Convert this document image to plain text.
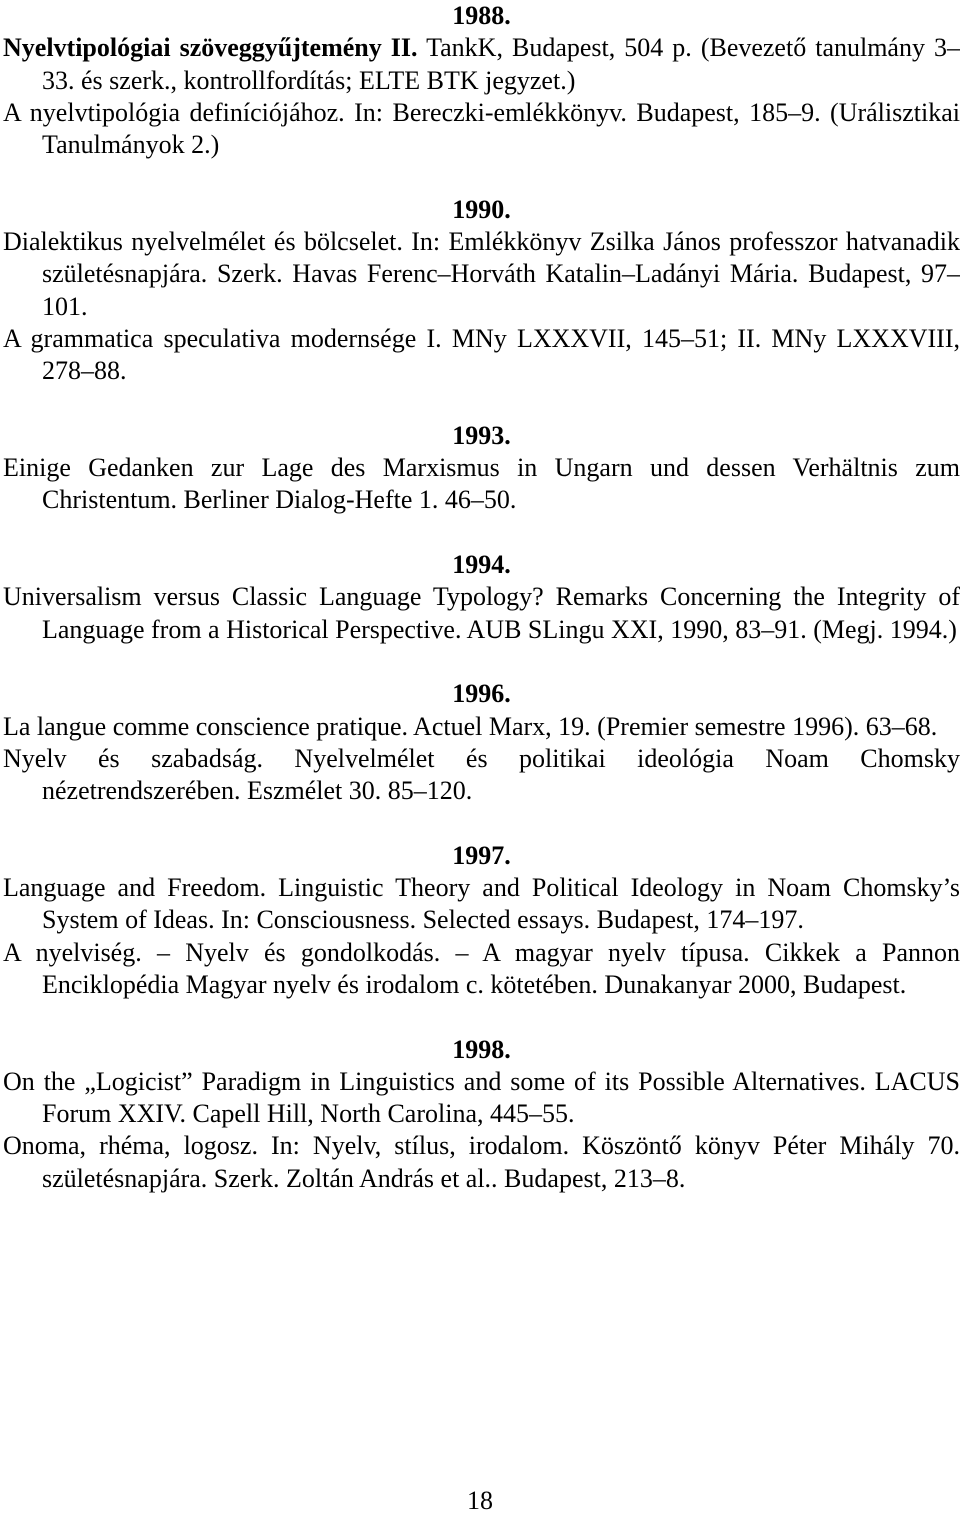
1988.

Nyelvtipológiai szöveggyűjtemény II. TankK, Budapest, 504 p. (Bevezető tanulmány 3–33. és szerk., kontrollfordítás; ELTE BTK jegyzet.)

A nyelvtipológia definíciójához. In: Bereczki-emlékkönyv. Budapest, 185–9. (Urálisztikai Tanulmányok 2.)

1990.

Dialektikus nyelvelmélet és bölcselet. In: Emlékkönyv Zsilka János professzor hatvanadik születésnapjára. Szerk. Havas Ferenc–Horváth Katalin–Ladányi Mária. Budapest, 97–101.

A grammatica speculativa modernsége I. MNy LXXXVII, 145–51; II. MNy LXXXVIII, 278–88.

1993.

Einige Gedanken zur Lage des Marxismus in Ungarn und dessen Verhältnis zum Christentum. Berliner Dialog-Hefte 1. 46–50.

1994.

Universalism versus Classic Language Typology? Remarks Concerning the Integrity of Language from a Historical Perspective. AUB SLingu XXI, 1990, 83–91. (Megj. 1994.)

1996.

La langue comme conscience pratique. Actuel Marx, 19. (Premier semestre 1996). 63–68.

Nyelv és szabadság. Nyelvelmélet és politikai ideológia Noam Chomsky nézetrendszerében. Eszmélet 30. 85–120.

1997.

Language and Freedom. Linguistic Theory and Political Ideology in Noam Chomsky’s System of Ideas. In: Consciousness. Selected essays. Budapest, 174–197.

A nyelviség. – Nyelv és gondolkodás. – A magyar nyelv típusa. Cikkek a Pannon Enciklopédia Magyar nyelv és irodalom c. kötetében. Dunakanyar 2000, Budapest.

1998.

On the „Logicist” Paradigm in Linguistics and some of its Possible Alternatives. LACUS Forum XXIV. Capell Hill, North Carolina, 445–55.

Onoma, rhéma, logosz. In: Nyelv, stílus, irodalom. Köszöntő könyv Péter Mihály 70. születésnapjára. Szerk. Zoltán András et al.. Budapest, 213–8.

18
